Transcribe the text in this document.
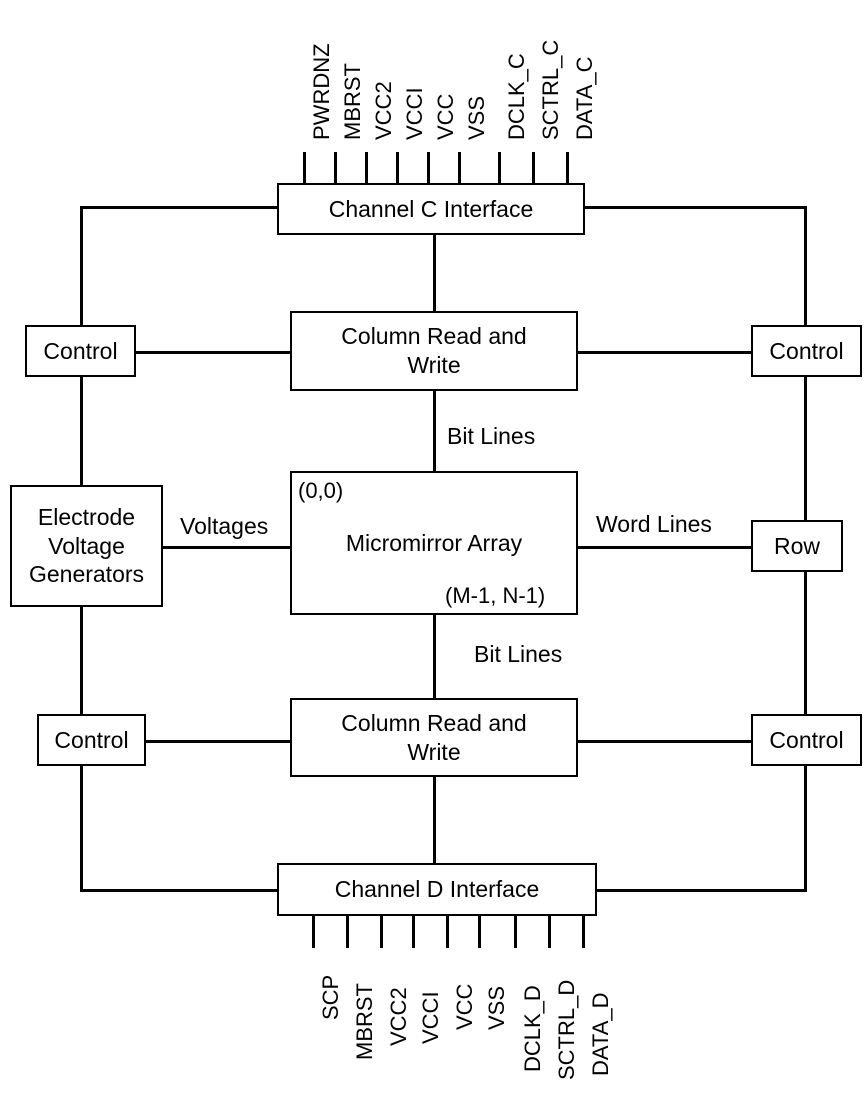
PWRDNZ MBRST VCC2 VCCI VCC VSS DCLK_C SCTRL_C DATA_C
SCP MBRST VCC2 VCCI VCC VSS DCLK_D SCTRL_D DATA_D
Channel C Interface
Column Read and
Write
Control	Control
Electrode
Voltage
Generators
Micromirror Array
(0,0)
(M-1, N-1)
Row
Column Read and
Write
Control	Control
Channel D Interface
Bit Lines
Bit Lines
Voltages	Word Lines
